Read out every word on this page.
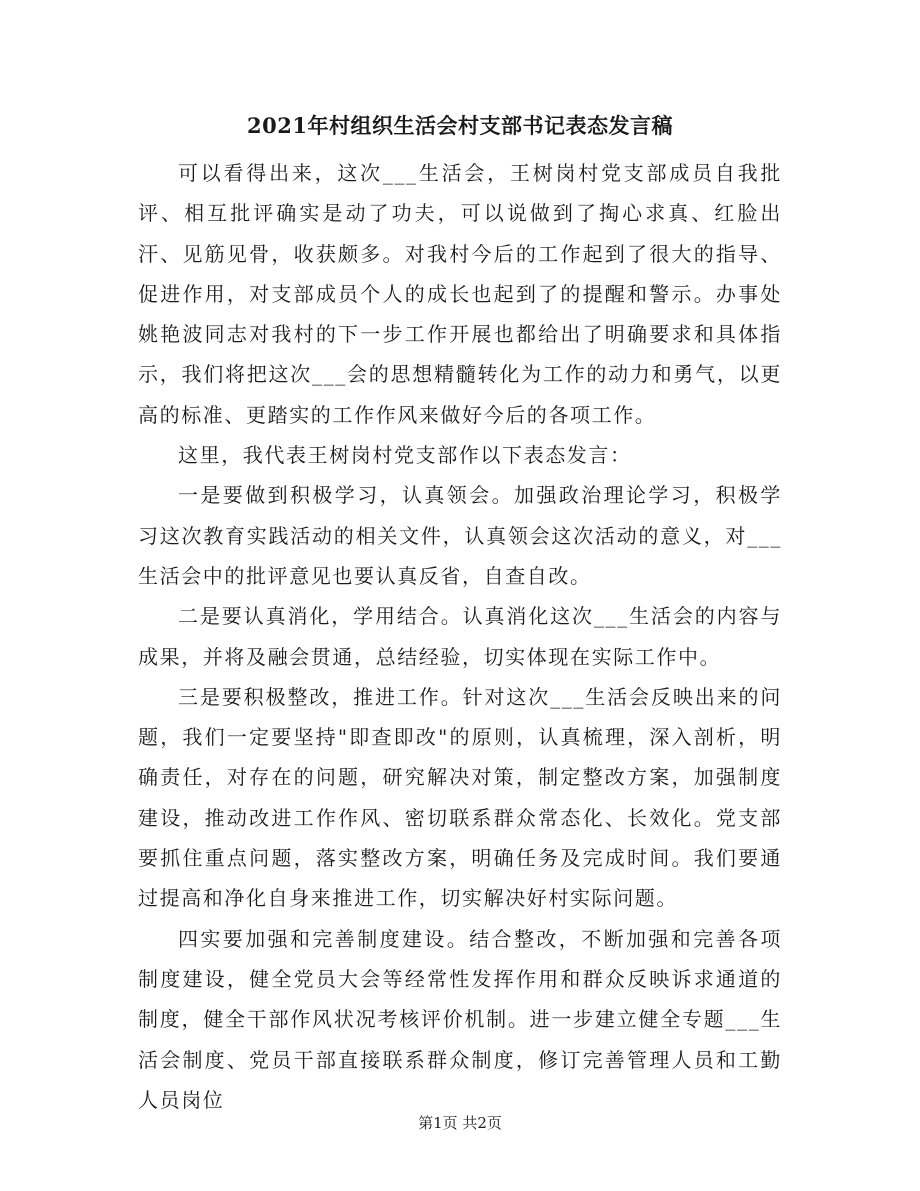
2021年村组织生活会村支部书记表态发言稿

可以看得出来，这次___生活会，王树岗村党支部成员自我批评、相互批评确实是动了功夫，可以说做到了掏心求真、红脸出汗、见筋见骨，收获颇多。对我村今后的工作起到了很大的指导、促进作用，对支部成员个人的成长也起到了的提醒和警示。办事处姚艳波同志对我村的下一步工作开展也都给出了明确要求和具体指示，我们将把这次___会的思想精髓转化为工作的动力和勇气，以更高的标准、更踏实的工作作风来做好今后的各项工作。

这里，我代表王树岗村党支部作以下表态发言：

一是要做到积极学习，认真领会。加强政治理论学习，积极学习这次教育实践活动的相关文件，认真领会这次活动的意义，对___生活会中的批评意见也要认真反省，自查自改。

二是要认真消化，学用结合。认真消化这次___生活会的内容与成果，并将及融会贯通，总结经验，切实体现在实际工作中。

三是要积极整改，推进工作。针对这次___生活会反映出来的问题，我们一定要坚持"即查即改"的原则，认真梳理，深入剖析，明确责任，对存在的问题，研究解决对策，制定整改方案，加强制度建设，推动改进工作作风、密切联系群众常态化、长效化。党支部要抓住重点问题，落实整改方案，明确任务及完成时间。我们要通过提高和净化自身来推进工作，切实解决好村实际问题。

四实要加强和完善制度建设。结合整改，不断加强和完善各项制度建设，健全党员大会等经常性发挥作用和群众反映诉求通道的制度，健全干部作风状况考核评价机制。进一步建立健全专题___生活会制度、党员干部直接联系群众制度，修订完善管理人员和工勤人员岗位

第1页 共2页
